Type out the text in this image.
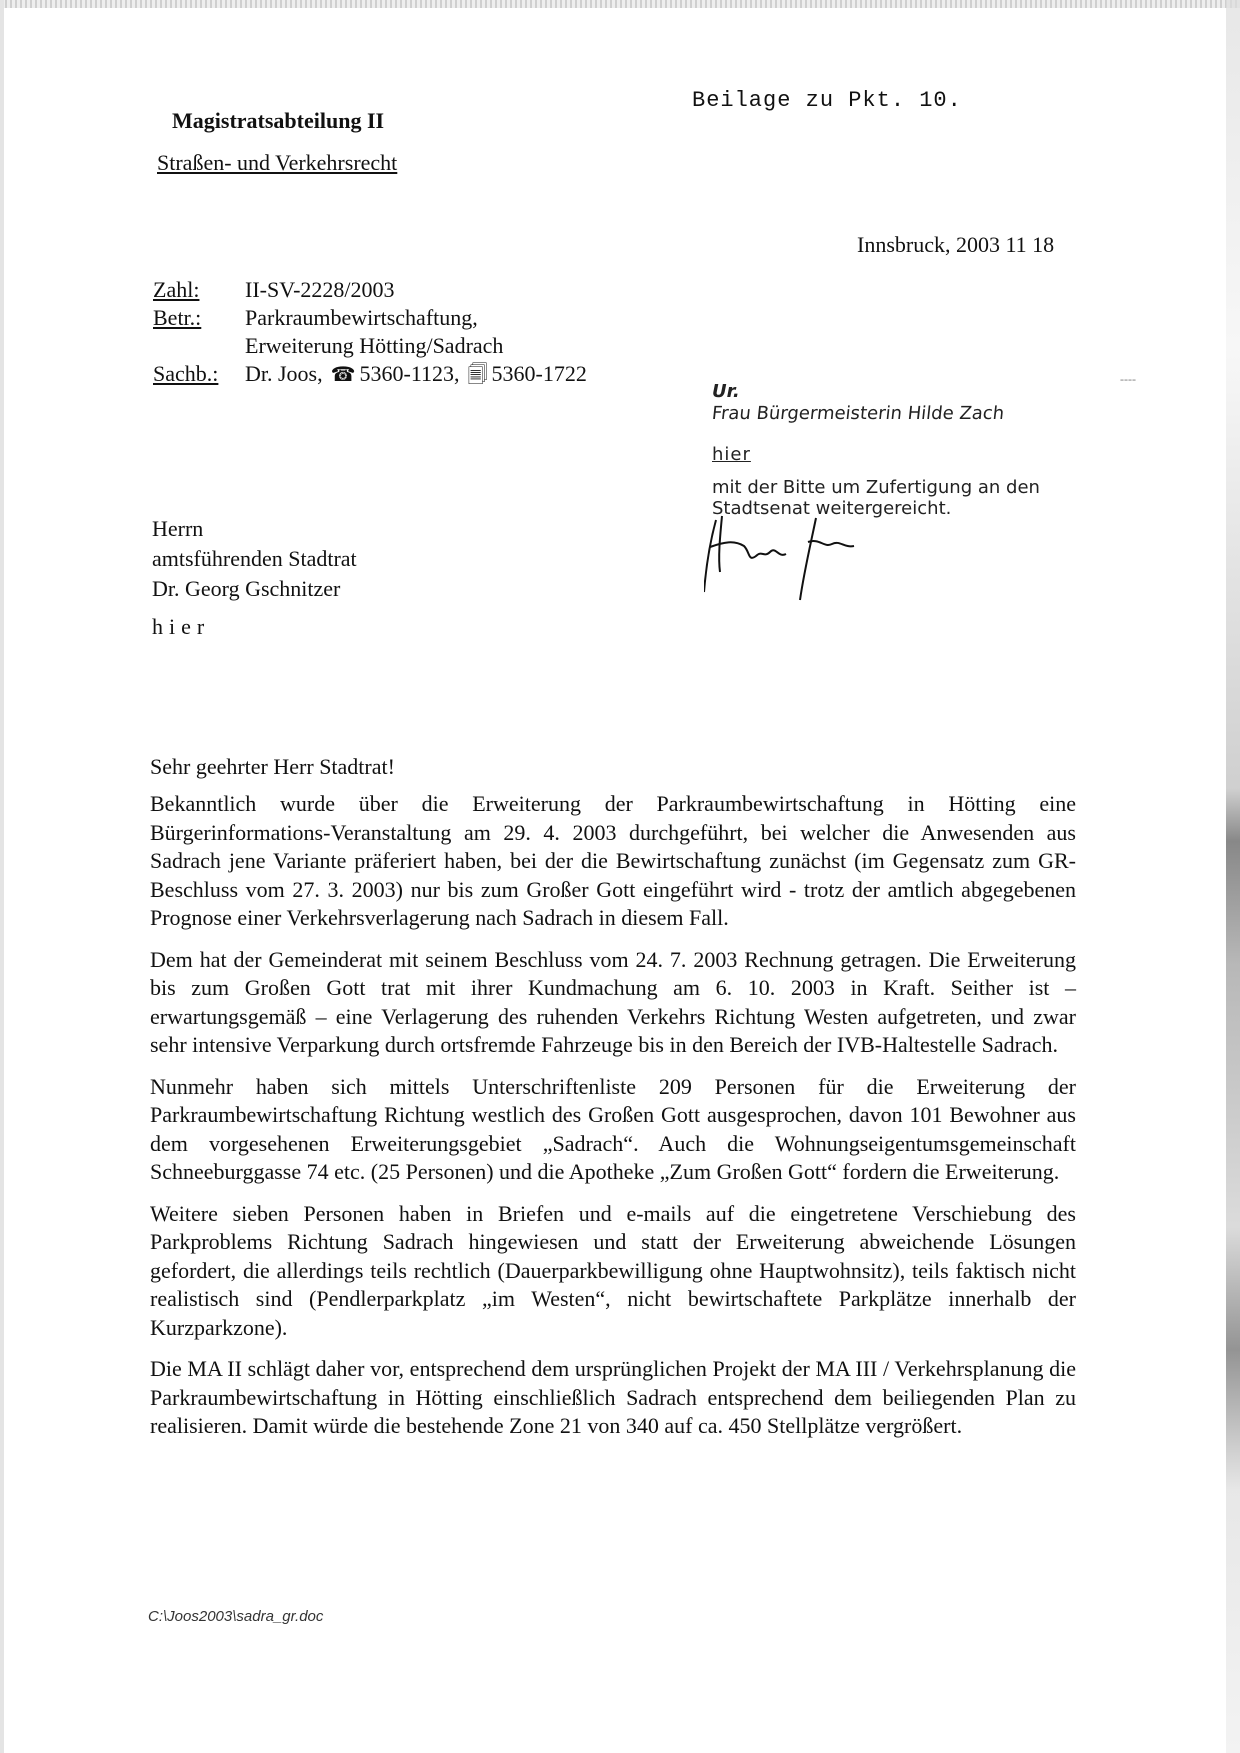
Magistratsabteilung II
Straßen- und Verkehrsrecht
Beilage zu Pkt. 10.
Innsbruck, 2003 11 18
Zahl:	II-SV-2228/2003
Betr.:	Parkraumbewirtschaftung,
Erweiterung Hötting/Sadrach

Sachb.:	Dr. Joos, ☎ 5360-1123, 🗐 5360-1722	‐‐‐‐
Ur.
Frau Bürgermeisterin Hilde Zach
hier
mit der Bitte um Zufertigung an den Stadtsenat weitergereicht.
Herrn
amtsführenden Stadtrat
Dr. Georg Gschnitzer
hier
Sehr geehrter Herr Stadtrat!

Bekanntlich wurde über die Erweiterung der Parkraumbewirtschaftung in Hötting eine Bürgerinformations-Veranstaltung am 29. 4. 2003 durchgeführt, bei welcher die Anwesenden aus Sadrach jene Variante präferiert haben, bei der die Bewirtschaftung zunächst (im Gegensatz zum GR-Beschluss vom 27. 3. 2003) nur bis zum Großer Gott eingeführt wird - trotz der amtlich abgegebenen Prognose einer Verkehrsverlagerung nach Sadrach in diesem Fall.

Dem hat der Gemeinderat mit seinem Beschluss vom 24. 7. 2003 Rechnung getragen. Die Erweiterung bis zum Großen Gott trat mit ihrer Kundmachung am 6. 10. 2003 in Kraft. Seither ist – erwartungsgemäß – eine Verlagerung des ruhenden Verkehrs Richtung Westen aufgetreten, und zwar sehr intensive Verparkung durch ortsfremde Fahrzeuge bis in den Bereich der IVB-Haltestelle Sadrach.

Nunmehr haben sich mittels Unterschriftenliste 209 Personen für die Erweiterung der Parkraumbewirtschaftung Richtung westlich des Großen Gott ausgesprochen, davon 101 Bewohner aus dem vorgesehenen Erweiterungsgebiet „Sadrach“. Auch die Wohnungseigentumsgemeinschaft Schneeburggasse 74 etc. (25 Personen) und die Apotheke „Zum Großen Gott“ fordern die Erweiterung.

Weitere sieben Personen haben in Briefen und e-mails auf die eingetretene Verschiebung des Parkproblems Richtung Sadrach hingewiesen und statt der Erweiterung abweichende Lösungen gefordert, die allerdings teils rechtlich (Dauerparkbewilligung ohne Hauptwohnsitz), teils faktisch nicht realistisch sind (Pendlerparkplatz „im Westen“, nicht bewirtschaftete Parkplätze innerhalb der Kurzparkzone).

Die MA II schlägt daher vor, entsprechend dem ursprünglichen Projekt der MA III / Verkehrsplanung die Parkraumbewirtschaftung in Hötting einschließlich Sadrach entsprechend dem beiliegenden Plan zu realisieren. Damit würde die bestehende Zone 21 von 340 auf ca. 450 Stellplätze vergrößert.

C:\Joos2003\sadra_gr.doc
